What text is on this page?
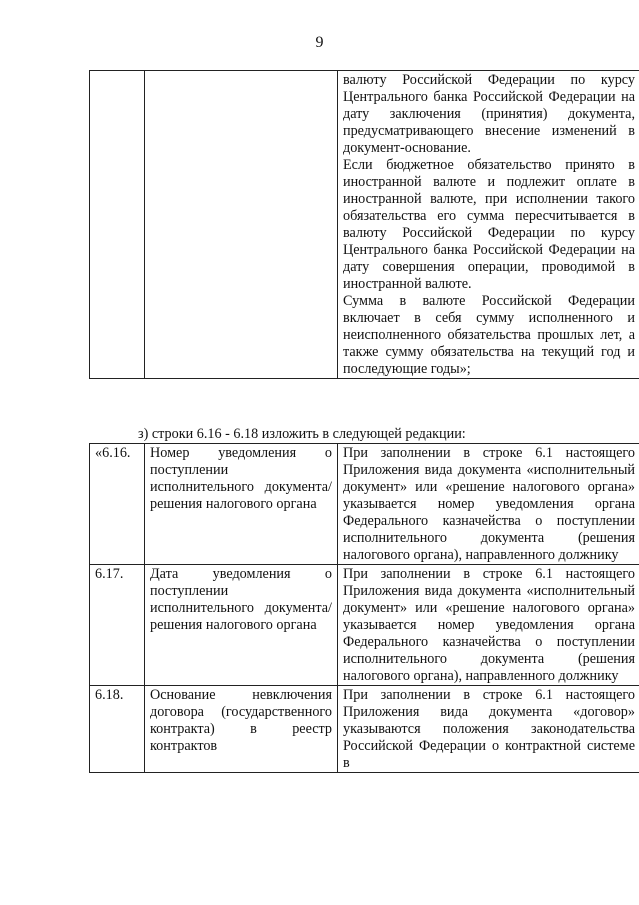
9

валюту Российской Федерации по курсу Центрального банка Российской Федерации на дату заключения (принятия) документа, предусматривающего внесение изменений в документ-основание.
Если бюджетное обязательство принято в иностранной валюте и подлежит оплате в иностранной валюте, при исполнении такого обязательства его сумма пересчитывается в валюту Российской Федерации по курсу Центрального банка Российской Федерации на дату совершения операции, проводимой в иностранной валюте.
Сумма в валюте Российской Федерации включает в себя сумму исполненного и неисполненного обязательства прошлых лет, а также сумму обязательства на текущий год и последующие годы»;
з) строки 6.16 - 6.18 изложить в следующей редакции:
«6.16.	Номер уведомления о поступлении исполнительного документа/решения налогового органа	При заполнении в строке 6.1 настоящего Приложения вида документа «исполнительный документ» или «решение налогового органа» указывается номер уведомления органа Федерального казначейства о поступлении исполнительного документа (решения налогового органа), направленного должнику
6.17.	Дата уведомления о поступлении исполнительного документа/решения налогового органа	При заполнении в строке 6.1 настоящего Приложения вида документа «исполнительный документ» или «решение налогового органа» указывается номер уведомления органа Федерального казначейства о поступлении исполнительного документа (решения налогового органа), направленного должнику
6.18.	Основание невключения договора (государственного контракта) в реестр контрактов	При заполнении в строке 6.1 настоящего Приложения вида документа «договор» указываются положения законодательства Российской Федерации о контрактной системе в
